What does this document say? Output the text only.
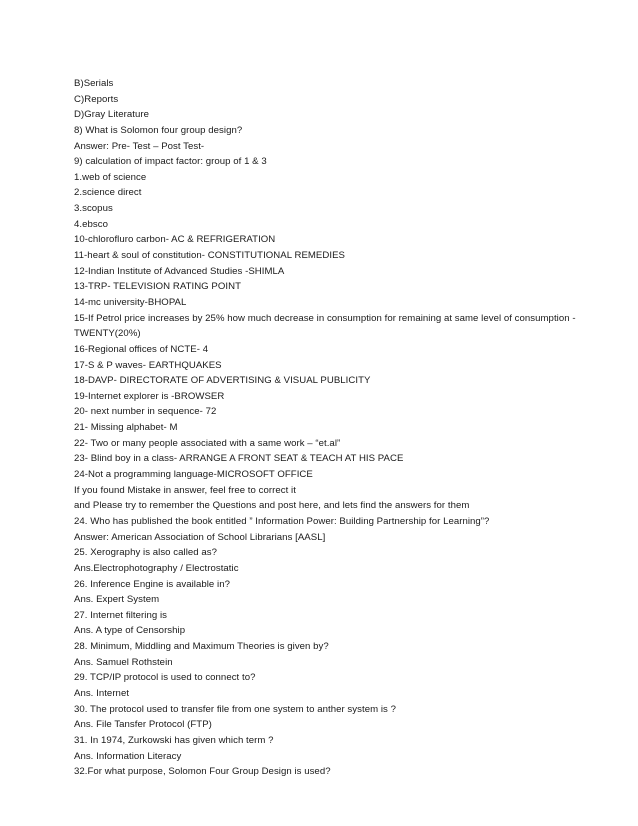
B)Serials
C)Reports
D)Gray Literature
8) What is Solomon four group design?
Answer: Pre- Test – Post Test-
9) calculation of impact factor: group of 1 & 3
1.web of science
2.science direct
3.scopus
4.ebsco
10-chlorofluro carbon- AC & REFRIGERATION
11-heart & soul of constitution- CONSTITUTIONAL REMEDIES
12-Indian Institute of Advanced Studies -SHIMLA
13-TRP- TELEVISION RATING POINT
14-mc university-BHOPAL
15-If Petrol price increases by 25% how much decrease in consumption for remaining at same level of consumption -
TWENTY(20%)
16-Regional offices of NCTE- 4
17-S & P waves- EARTHQUAKES
18-DAVP- DIRECTORATE OF ADVERTISING & VISUAL PUBLICITY
19-Internet explorer is -BROWSER
20- next number in sequence- 72
21- Missing alphabet- M
22- Two or many people associated with a same work – “et.al”
23- Blind boy in a class- ARRANGE A FRONT SEAT & TEACH AT HIS PACE
24-Not a programming language-MICROSOFT OFFICE
If you found Mistake in answer, feel free to correct it
and Please try to remember the Questions and post here, and lets find the answers for them
24. Who has published the book entitled ” Information Power: Building Partnership for Learning”?
Answer: American Association of School Librarians [AASL]
25. Xerography is also called as?
Ans.Electrophotography / Electrostatic
26. Inference Engine is available in?
Ans. Expert System
27. Internet filtering is
Ans. A type of Censorship
28. Minimum, Middling and Maximum Theories is given by?
Ans. Samuel Rothstein
29. TCP/IP protocol is used to connect to?
Ans. Internet
30. The protocol used to transfer file from one system to anther system is ?
Ans. File Tansfer Protocol (FTP)
31. In 1974, Zurkowski has given which term ?
Ans. Information Literacy
32.For what purpose, Solomon Four Group Design is used?
